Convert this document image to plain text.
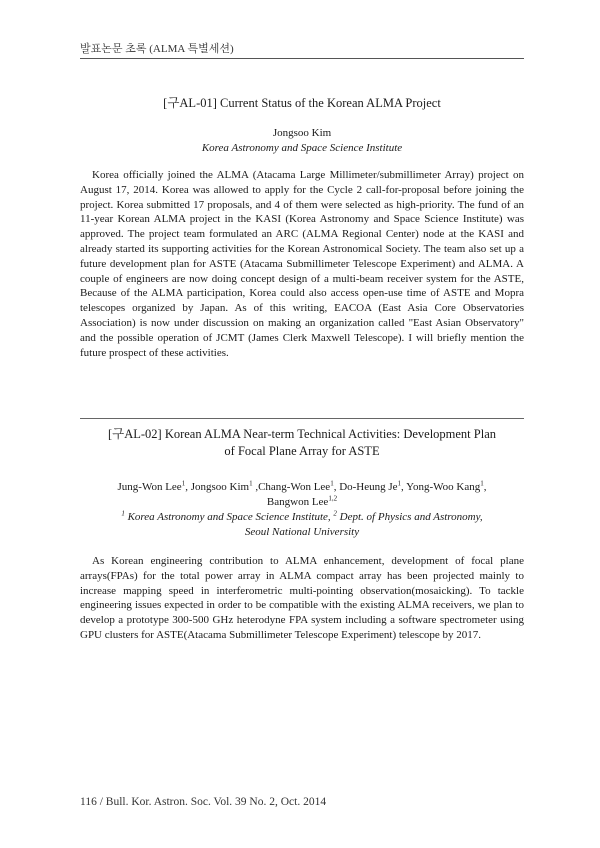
발표논문 초록 (ALMA 특별세션)
[구AL-01] Current Status of the Korean ALMA Project
Jongsoo Kim
Korea Astronomy and Space Science Institute

Korea officially joined the ALMA (Atacama Large Millimeter/submillimeter Array) project on August 17, 2014. Korea was allowed to apply for the Cycle 2 call-for-proposal before joining the project. Korea submitted 17 proposals, and 4 of them were selected as high-priority. The fund of an 11-year Korean ALMA project in the KASI (Korea Astronomy and Space Science Institute) was approved. The project team formulated an ARC (ALMA Regional Center) node at the KASI and already started its supporting activities for the Korean Astronomical Society. The team also set up a future development plan for ASTE (Atacama Submillimeter Telescope Experiment) and ALMA. A couple of engineers are now doing concept design of a multi-beam receiver system for the ASTE, Because of the ALMA participation, Korea could also access open-use time of ASTE and Mopra telescopes organized by Japan. As of this writing, EACOA (East Asia Core Observatories Association) is now under discussion on making an organization called "East Asian Observatory" and the possible operation of JCMT (James Clerk Maxwell Telescope). I will briefly mention the future prospect of these activities.

[구AL-02] Korean ALMA Near-term Technical Activities: Development Plan
of Focal Plane Array for ASTE
Jung-Won Lee$^1$, Jongsoo Kim$^1$ ,Chang-Won Lee$^1$, Do-Heung Je$^1$, Yong-Woo Kang$^1$,
Bangwon Lee$^{1,2}$
$^1$ Korea Astronomy and Space Science Institute, $^2$ Dept. of Physics and Astronomy,
Seoul National University

As Korean engineering contribution to ALMA enhancement, development of focal plane arrays(FPAs) for the total power array in ALMA compact array has been projected mainly to increase mapping speed in interferometric multi-pointing observation(mosaicking). To tackle engineering issues expected in order to be compatible with the existing ALMA receivers, we plan to develop a prototype 300-500 GHz heterodyne FPA system including a software spectrometer using GPU clusters for ASTE(Atacama Submillimeter Telescope Experiment) telescope by 2017.

116 / Bull. Kor. Astron. Soc. Vol. 39 No. 2, Oct. 2014
